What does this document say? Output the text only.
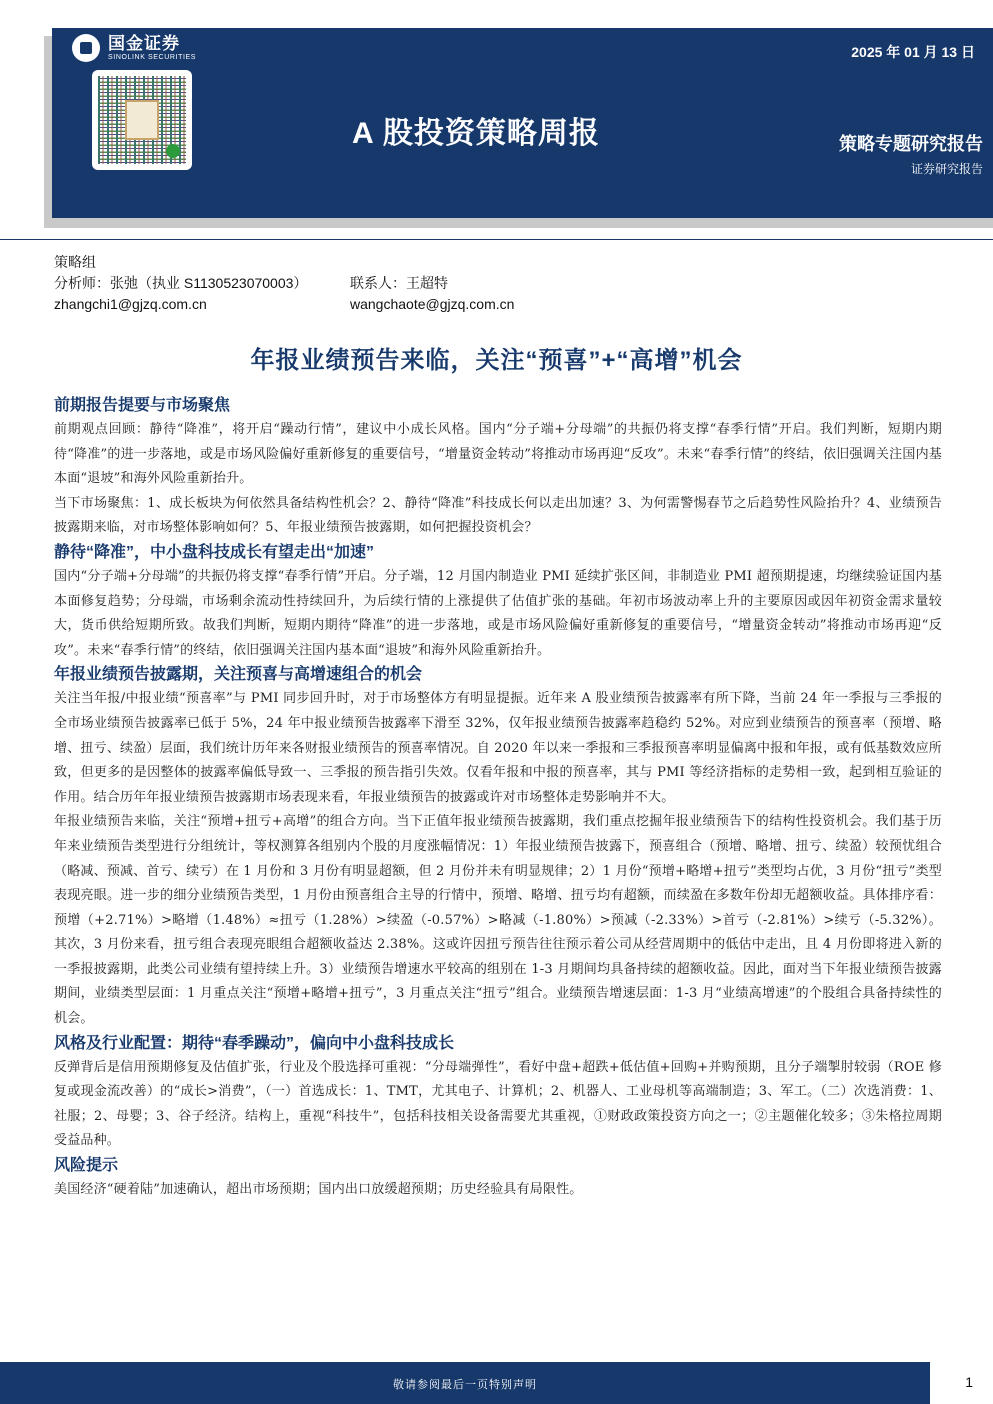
国金证券
SINOLINK SECURITIES	2025 年 01 月 13 日
A 股投资策略周报	策略专题研究报告
证券研究报告
策略组
分析师：张弛（执业 S1130523070003）	联系人：王超特
zhangchi1@gjzq.com.cn	wangchaote@gjzq.com.cn
年报业绩预告来临，关注“预喜”+“高增”机会
前期报告提要与市场聚焦

前期观点回顾：静待“降准”，将开启“躁动行情”，建议中小成长风格。国内“分子端+分母端”的共振仍将支撑“春季行情”开启。我们判断，短期内期待“降准”的进一步落地，或是市场风险偏好重新修复的重要信号，“增量资金转动”将推动市场再迎“反攻”。未来“春季行情”的终结，依旧强调关注国内基本面“退坡”和海外风险重新抬升。

当下市场聚焦：1、成长板块为何依然具备结构性机会？2、静待“降准”科技成长何以走出加速？3、为何需警惕春节之后趋势性风险抬升？4、业绩预告披露期来临，对市场整体影响如何？5、年报业绩预告披露期，如何把握投资机会？

静待“降准”，中小盘科技成长有望走出“加速”

国内“分子端+分母端”的共振仍将支撑“春季行情”开启。分子端，12 月国内制造业 PMI 延续扩张区间，非制造业 PMI 超预期提速，均继续验证国内基本面修复趋势；分母端，市场剩余流动性持续回升，为后续行情的上涨提供了估值扩张的基础。年初市场波动率上升的主要原因或因年初资金需求量较大，货币供给短期所致。故我们判断，短期内期待“降准”的进一步落地，或是市场风险偏好重新修复的重要信号，“增量资金转动”将推动市场再迎“反攻”。未来“春季行情”的终结，依旧强调关注国内基本面“退坡”和海外风险重新抬升。

年报业绩预告披露期，关注预喜与高增速组合的机会

关注当年报/中报业绩“预喜率”与 PMI 同步回升时，对于市场整体方有明显提振。近年来 A 股业绩预告披露率有所下降，当前 24 年一季报与三季报的全市场业绩预告披露率已低于 5%，24 年中报业绩预告披露率下滑至 32%，仅年报业绩预告披露率趋稳约 52%。对应到业绩预告的预喜率（预增、略增、扭亏、续盈）层面，我们统计历年来各财报业绩预告的预喜率情况。自 2020 年以来一季报和三季报预喜率明显偏离中报和年报，或有低基数效应所致，但更多的是因整体的披露率偏低导致一、三季报的预告指引失效。仅看年报和中报的预喜率，其与 PMI 等经济指标的走势相一致，起到相互验证的作用。结合历年年报业绩预告披露期市场表现来看，年报业绩预告的披露或许对市场整体走势影响并不大。

年报业绩预告来临，关注“预增+扭亏+高增”的组合方向。当下正值年报业绩预告披露期，我们重点挖掘年报业绩预告下的结构性投资机会。我们基于历年来业绩预告类型进行分组统计，等权测算各组别内个股的月度涨幅情况：1）年报业绩预告披露下，预喜组合（预增、略增、扭亏、续盈）较预忧组合（略减、预减、首亏、续亏）在 1 月份和 3 月份有明显超额，但 2 月份并未有明显规律；2）1 月份“预增+略增+扭亏”类型均占优，3 月份“扭亏”类型表现亮眼。进一步的细分业绩预告类型，1 月份由预喜组合主导的行情中，预增、略增、扭亏均有超额，而续盈在多数年份却无超额收益。具体排序看：预增（+2.71%）>略增（1.48%）≈扭亏（1.28%）>续盈（-0.57%）>略减（-1.80%）>预减（-2.33%）>首亏（-2.81%）>续亏（-5.32%）。其次，3 月份来看，扭亏组合表现亮眼组合超额收益达 2.38%。这或许因扭亏预告往往预示着公司从经营周期中的低估中走出，且 4 月份即将进入新的一季报披露期，此类公司业绩有望持续上升。3）业绩预告增速水平较高的组别在 1-3 月期间均具备持续的超额收益。因此，面对当下年报业绩预告披露期间，业绩类型层面：1 月重点关注“预增+略增+扭亏”，3 月重点关注“扭亏”组合。业绩预告增速层面：1-3 月“业绩高增速”的个股组合具备持续性的机会。

风格及行业配置：期待“春季躁动”，偏向中小盘科技成长

反弹背后是信用预期修复及估值扩张，行业及个股选择可重视：“分母端弹性”，看好中盘+超跌+低估值+回购+并购预期，且分子端掣肘较弱（ROE 修复或现金流改善）的“成长>消费”，（一）首选成长：1、TMT，尤其电子、计算机；2、机器人、工业母机等高端制造；3、军工。（二）次选消费：1、社服；2、母婴；3、谷子经济。结构上，重视“科技牛”，包括科技相关设备需要尤其重视，①财政政策投资方向之一；②主题催化较多；③朱格拉周期受益品种。

风险提示

美国经济“硬着陆”加速确认，超出市场预期；国内出口放缓超预期；历史经验具有局限性。

敬请参阅最后一页特别声明	1
